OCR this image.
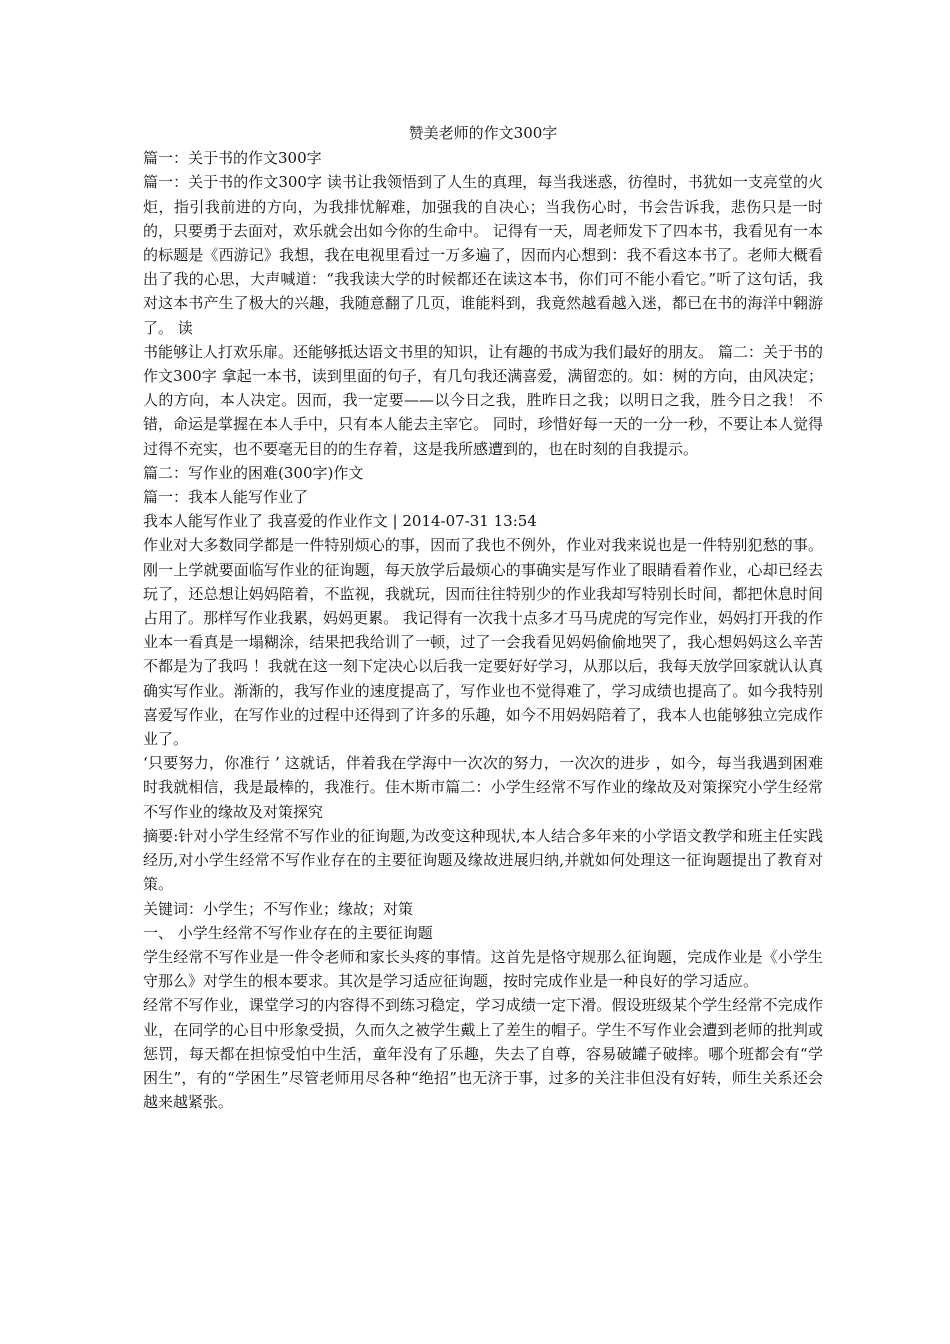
赞美老师的作文300字

篇一：关于书的作文300字

篇一：关于书的作文300字 读书让我领悟到了人生的真理，每当我迷惑，彷徨时，书犹如一支亮堂的火炬，指引我前进的方向，为我排忧解难，加强我的自决心；当我伤心时，书会告诉我，悲伤只是一时的，只要勇于去面对，欢乐就会出如今你的生命中。 记得有一天，周老师发下了四本书，我看见有一本的标题是《西游记》我想，我在电视里看过一万多遍了，因而内心想到：我不看这本书了。老师大概看出了我的心思，大声喊道：“我我读大学的时候都还在读这本书，你们可不能小看它。”听了这句话，我对这本书产生了极大的兴趣，我随意翻了几页，谁能料到，我竟然越看越入迷，都已在书的海洋中翱游了。 读

书能够让人打欢乐扉。还能够抵达语文书里的知识，让有趣的书成为我们最好的朋友。 篇二：关于书的作文300字 拿起一本书，读到里面的句子，有几句我还满喜爱，满留恋的。如：树的方向，由风决定；人的方向，本人决定。因而，我一定要——以今日之我，胜昨日之我；以明日之我，胜今日之我！ 不错，命运是掌握在本人手中，只有本人能去主宰它。 同时，珍惜好每一天的一分一秒，不要让本人觉得过得不充实，也不要毫无目的的生存着，这是我所感遭到的，也在时刻的自我提示。

篇二：写作业的困难(300字)作文

篇一：我本人能写作业了

我本人能写作业了 我喜爱的作业作文 | 2014-07-31 13:54

作业对大多数同学都是一件特别烦心的事，因而了我也不例外，作业对我来说也是一件特别犯愁的事。刚一上学就要面临写作业的征询题，每天放学后最烦心的事确实是写作业了眼睛看着作业，心却已经去玩了，还总想让妈妈陪着，不监视，我就玩，因而往往特别少的作业我却写特别长时间，都把休息时间占用了。那样写作业我累，妈妈更累。 我记得有一次我十点多才马马虎虎的写完作业，妈妈打开我的作业本一看真是一塌糊涂，结果把我给训了一顿，过了一会我看见妈妈偷偷地哭了，我心想妈妈这么辛苦不都是为了我吗 ！我就在这一刻下定决心以后我一定要好好学习，从那以后，我每天放学回家就认认真确实写作业。渐渐的，我写作业的速度提高了，写作业也不觉得难了，学习成绩也提高了。如今我特别喜爱写作业，在写作业的过程中还得到了许多的乐趣，如今不用妈妈陪着了，我本人也能够独立完成作业了。

‘只要努力，你准行 ’ 这就话，伴着我在学海中一次次的努力，一次次的进步 ，如今，每当我遇到困难时我就相信，我是最棒的，我准行。佳木斯市篇二：小学生经常不写作业的缘故及对策探究小学生经常不写作业的缘故及对策探究

摘要:针对小学生经常不写作业的征询题,为改变这种现状,本人结合多年来的小学语文教学和班主任实践经历,对小学生经常不写作业存在的主要征询题及缘故进展归纳,并就如何处理这一征询题提出了教育对策。

关键词：小学生；不写作业；缘故；对策

一、 小学生经常不写作业存在的主要征询题

学生经常不写作业是一件令老师和家长头疼的事情。这首先是恪守规那么征询题，完成作业是《小学生守那么》对学生的根本要求。其次是学习适应征询题，按时完成作业是一种良好的学习适应。

经常不写作业，课堂学习的内容得不到练习稳定，学习成绩一定下滑。假设班级某个学生经常不完成作业，在同学的心目中形象受损，久而久之被学生戴上了差生的帽子。学生不写作业会遭到老师的批判或惩罚，每天都在担惊受怕中生活，童年没有了乐趣，失去了自尊，容易破罐子破摔。哪个班都会有“学困生”，有的“学困生”尽管老师用尽各种“绝招”也无济于事，过多的关注非但没有好转，师生关系还会越来越紧张。
